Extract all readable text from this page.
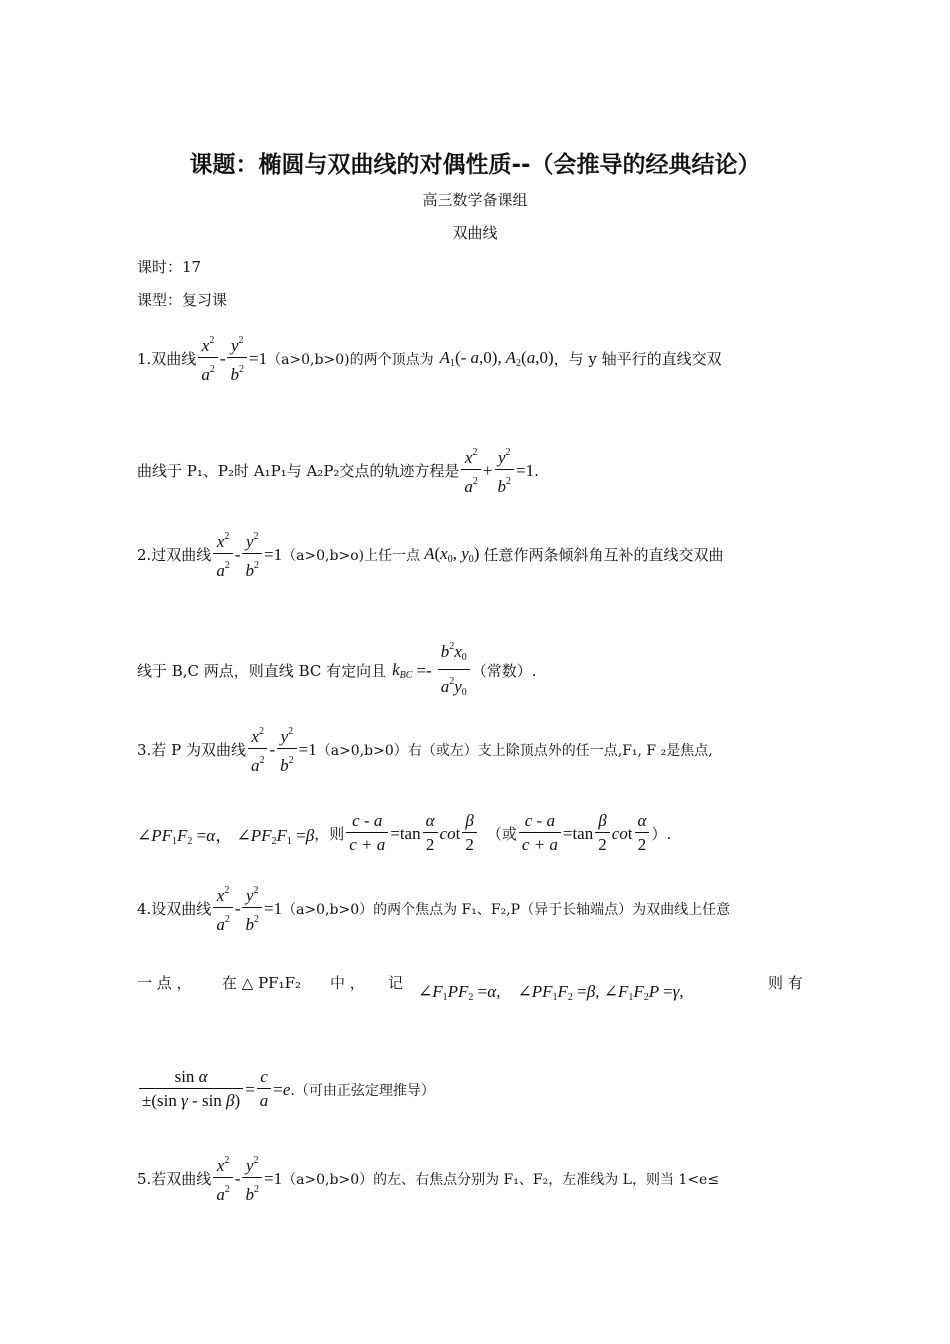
课题：椭圆与双曲线的对偶性质--（会推导的经典结论）
高三数学备课组
双曲线
课时：17
课型：复习课
1.双曲线 $\frac{x^2}{a^2} - \frac{y^2}{b^2} =1$ （a>0,b>0)的两个顶点为 $A_1(-$ a,0), $A_2(a,0)$ ，与 y 轴平行的直线交双
曲线于 P₁、P₂时 A₁P₁与 A₂P₂交点的轨迹方程是 $\frac{x^2}{a^2} + \frac{y^2}{b^2} =1$ .
2.过双曲线 $\frac{x^2}{a^2} - \frac{y^2}{b^2} =1$ （a>0,b>o)上任一点 $A(x_0$, $y_0$) 任意作两条倾斜角互补的直线交双曲
线于 B,C 两点，则直线 BC 有定向且 $k_{BC} =- \frac{b^2x_0}{a^2y_0}$ （常数）.
3.若 P 为双曲线 $\frac{x^2}{a^2} - \frac{y^2}{b^2} =1$ （a>0,b>0）右（或左）支上除顶点外的任一点,F₁, F ₂是焦点,
$\angle PF_1F_2 =\alpha$， $\angle PF_2F_1 =\beta$ ，则 $\frac{c - a}{c + a} =\tan \frac{\alpha}{2}$ co t $\frac{\beta}{2}$ （或 $\frac{c - a}{c + a} =\tan \frac{\beta}{2}$ co t $\frac{\alpha}{2}$ ）.
4.设双曲线 $\frac{x^2}{a^2} - \frac{y^2}{b^2} =1$ （a>0,b>0）的两个焦点为 F₁、F₂,P（异于长轴端点）为双曲线上任意
一 点 ， 在 △ PF₁F₂ 中 ， 记 $\angle F_1PF_2 =\alpha$,    $\angle PF_1F_2 =\beta$, $\angle F_1F_2P =\gamma$,	则 有
$\frac{\text{sin α}}{\text{±(sin γ - sin β)}} = \frac{c}{a} = e$ .（可由正弦定理推导）
5.若双曲线 $\frac{x^2}{a^2} - \frac{y^2}{b^2} =1$ （a>0,b>0）的左、右焦点分别为 F₁、F₂，左准线为 L，则当 1<e≤
